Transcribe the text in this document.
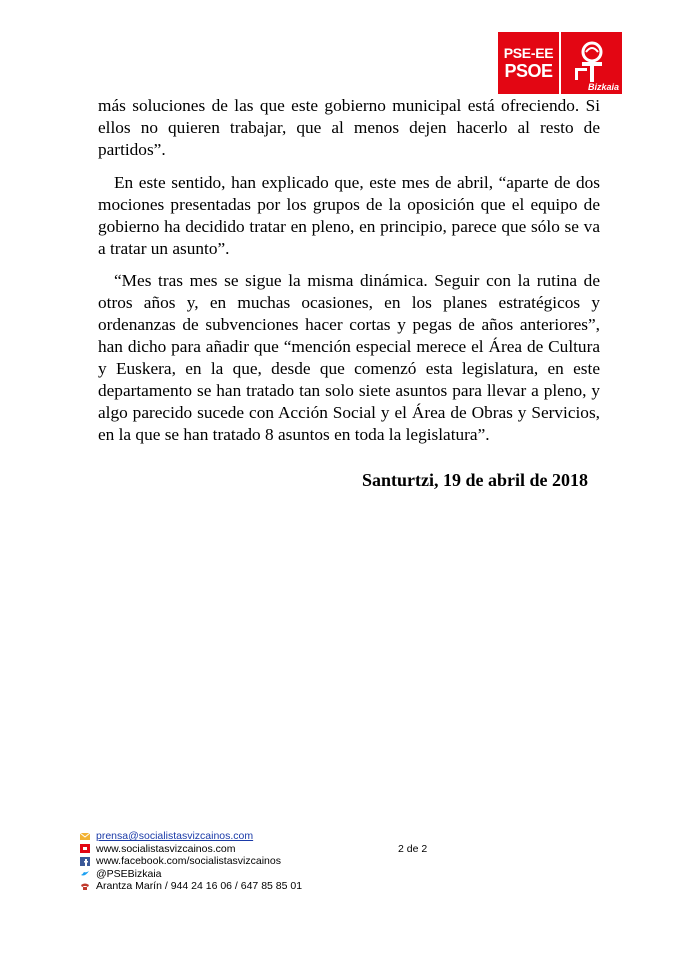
PSE-EE
PSOE
Bizkaia
más soluciones de las que este gobierno municipal está ofreciendo. Si ellos no quieren trabajar, que al menos dejen hacerlo al resto de partidos”.
En este sentido, han explicado que, este mes de abril, “aparte de dos mociones presentadas por los grupos de la oposición que el equipo de gobierno ha decidido tratar en pleno, en principio, parece que sólo se va a tratar un asunto”.
“Mes tras mes se sigue la misma dinámica. Seguir con la rutina de otros años y, en muchas ocasiones, en los planes estratégicos y ordenanzas de subvenciones hacer cortas y pegas de años anteriores”, han dicho para añadir que “mención especial merece el Área de Cultura y Euskera, en la que, desde que comenzó esta legislatura, en este departamento se han tratado tan solo siete asuntos para llevar a pleno, y algo parecido sucede con Acción Social y el Área de Obras y Servicios, en la que se han tratado 8 asuntos en toda la legislatura”.
Santurtzi, 19 de abril de 2018
prensa@socialistasvizcainos.com
www.socialistasvizcainos.com
www.facebook.com/socialistasvizcainos
@PSEBizkaia
Arantza Marín / 944 24 16 06 / 647 85 85 01
2 de 2
